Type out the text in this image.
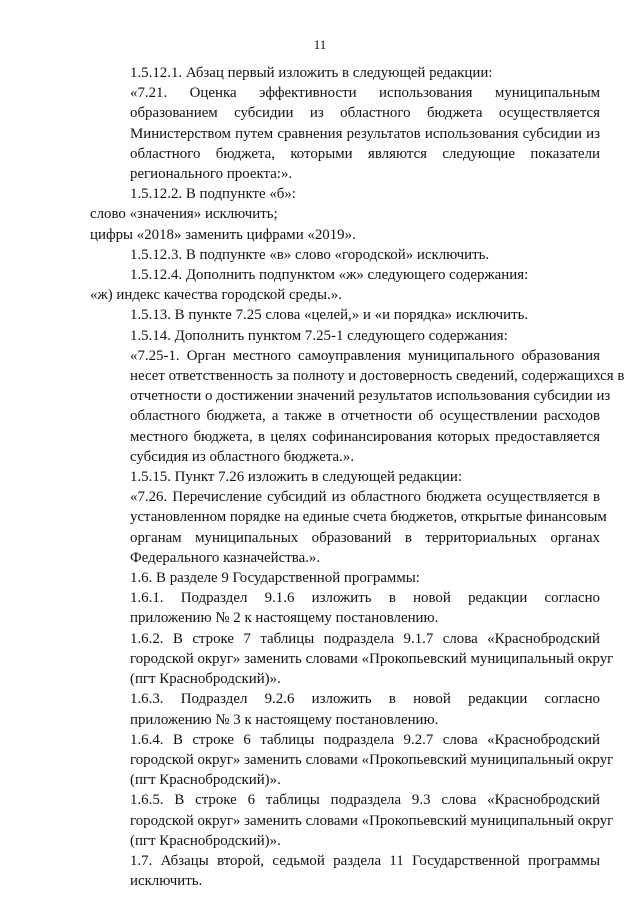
11
1.5.12.1. Абзац первый изложить в следующей редакции:
«7.21. Оценка эффективности использования муниципальным
образованием субсидии из областного бюджета осуществляется
Министерством путем сравнения результатов использования субсидии из
областного бюджета, которыми являются следующие показатели
регионального проекта:».
1.5.12.2. В подпункте «б»:
слово «значения» исключить;
цифры «2018» заменить цифрами «2019».
1.5.12.3. В подпункте «в» слово «городской» исключить.
1.5.12.4. Дополнить подпунктом «ж» следующего содержания:
«ж) индекс качества городской среды.».
1.5.13. В пункте 7.25 слова «целей,» и «и порядка» исключить.
1.5.14. Дополнить пунктом 7.25-1 следующего содержания:
«7.25-1. Орган местного самоуправления муниципального образования
несет ответственность за полноту и достоверность сведений, содержащихся в
отчетности о достижении значений результатов использования субсидии из
областного бюджета, а также в отчетности об осуществлении расходов
местного бюджета, в целях софинансирования которых предоставляется
субсидия из областного бюджета.».
1.5.15. Пункт 7.26 изложить в следующей редакции:
«7.26. Перечисление субсидий из областного бюджета осуществляется в
установленном порядке на единые счета бюджетов, открытые финансовым
органам муниципальных образований в территориальных органах
Федерального казначейства.».
1.6. В разделе 9 Государственной программы:
1.6.1. Подраздел 9.1.6 изложить в новой редакции согласно
приложению № 2 к настоящему постановлению.
1.6.2. В строке 7 таблицы подраздела 9.1.7 слова «Краснобродский
городской округ» заменить словами «Прокопьевский муниципальный округ
(пгт Краснобродский)».
1.6.3. Подраздел 9.2.6 изложить в новой редакции согласно
приложению № 3 к настоящему постановлению.
1.6.4. В строке 6 таблицы подраздела 9.2.7 слова «Краснобродский
городской округ» заменить словами «Прокопьевский муниципальный округ
(пгт Краснобродский)».
1.6.5. В строке 6 таблицы подраздела 9.3 слова «Краснобродский
городской округ» заменить словами «Прокопьевский муниципальный округ
(пгт Краснобродский)».
1.7. Абзацы второй, седьмой раздела 11 Государственной программы
исключить.
